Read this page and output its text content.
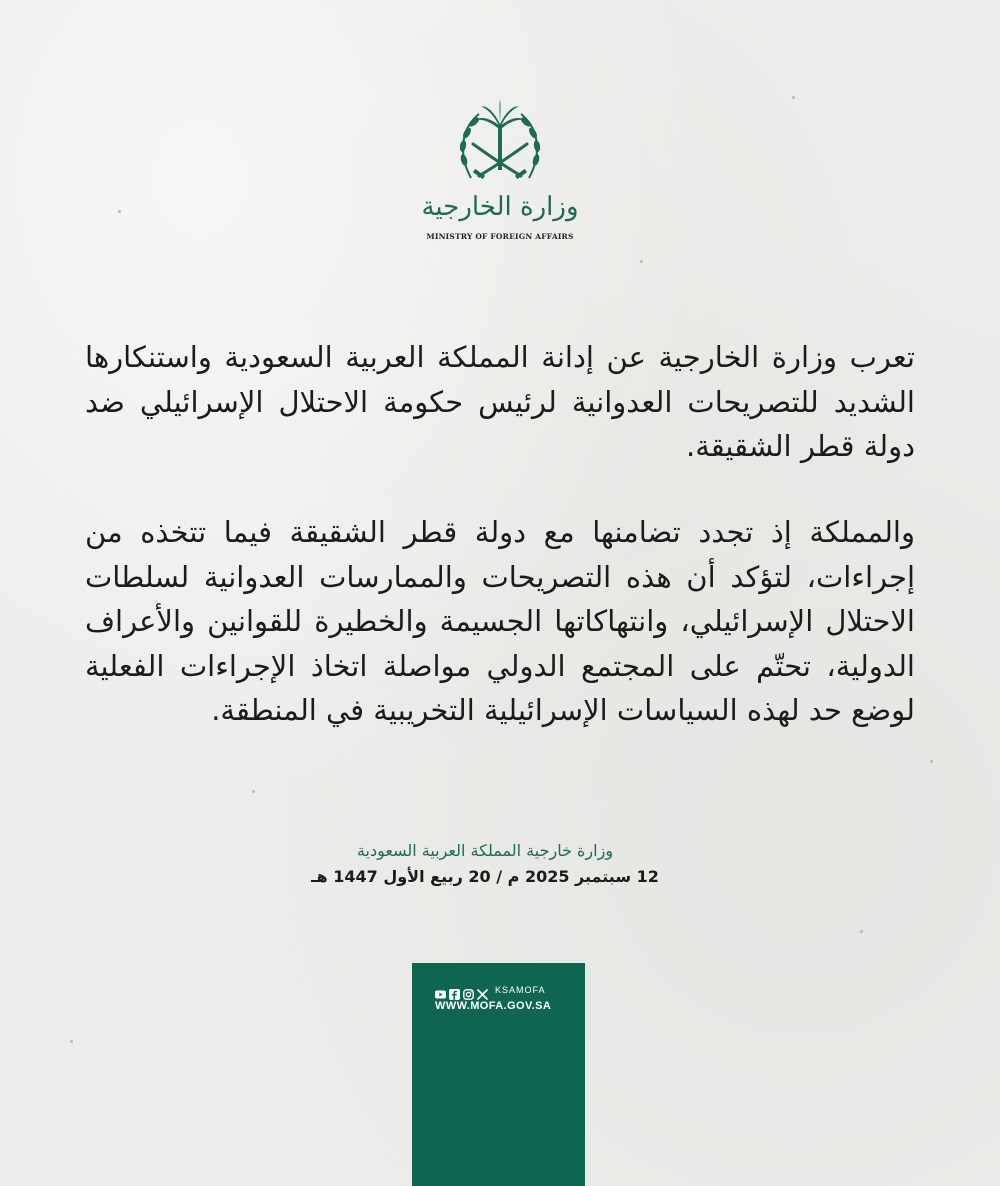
وزارة الخارجية
MINISTRY OF FOREIGN AFFAIRS

تعرب وزارة الخارجية عن إدانة المملكة العربية السعودية واستنكارها الشديد للتصريحات العدوانية لرئيس حكومة الاحتلال الإسرائيلي ضد دولة قطر الشقيقة.

والمملكة إذ تجدد تضامنها مع دولة قطر الشقيقة فيما تتخذه من إجراءات، لتؤكد أن هذه التصريحات والممارسات العدوانية لسلطات الاحتلال الإسرائيلي، وانتهاكاتها الجسيمة والخطيرة للقوانين والأعراف الدولية، تحتّم على المجتمع الدولي مواصلة اتخاذ الإجراءات الفعلية لوضع حد لهذه السياسات الإسرائيلية التخريبية في المنطقة.

وزارة خارجية المملكة العربية السعودية
12 سبتمبر 2025 م / 20 ربيع الأول 1447 هـ
KSAMOFA
WWW.MOFA.GOV.SA
